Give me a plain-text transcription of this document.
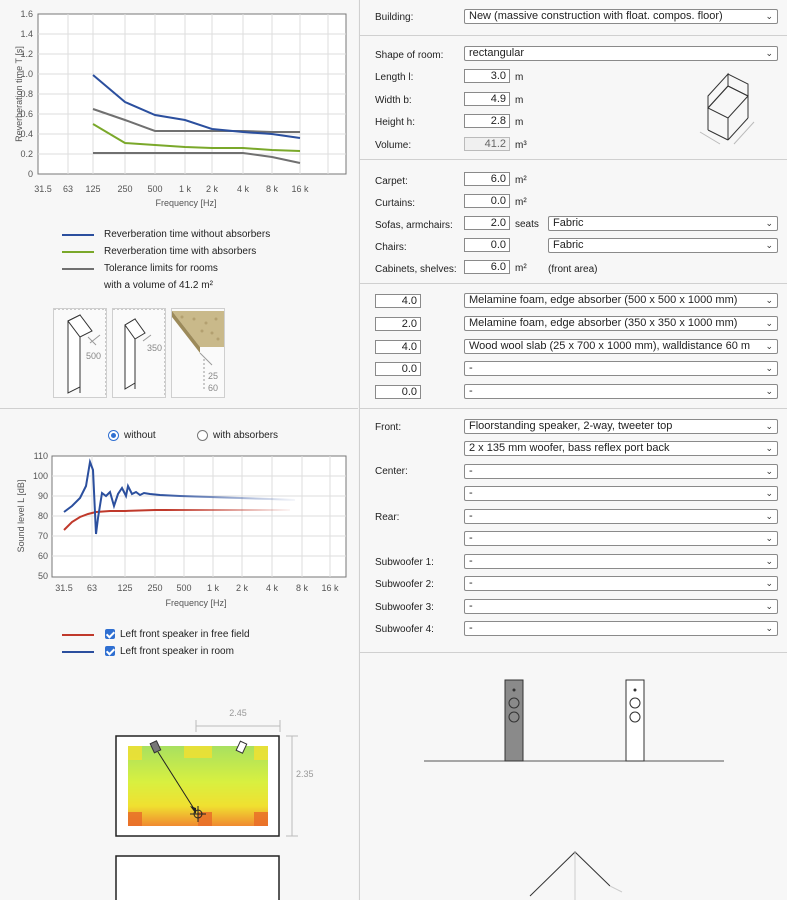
1.6
1.4
1.2
1.0
0.8
0.6
0.4
0.2
0
31.5 63 125 250 500 1 k 2 k 4 k 8 k 16 k
Frequency [Hz]
Reverberation time T [s]
Reverberation time without absorbers
Reverberation time with absorbers
Tolerance limits for rooms
with a volume of 41.2 m²
500
350
25
60
without	with absorbers
110
100
90
80
70
60
50
31.5 63 125 250 500 1 k 2 k 4 k 8 k 16 k
Frequency [Hz]
Sound level L [dB]
Left front speaker in free field
Left front speaker in room
2.45
2.35
Building:	New (massive construction with float. compos. floor)	⌄
Shape of room:	rectangular	⌄
Length l:	3.0 m
Width b:	4.9 m
Height h:	2.8 m
Volume:	41.2 m³
Carpet:	6.0 m²
Curtains:	0.0 m²
Sofas, armchairs:	2.0 seats	Fabric	⌄
Chairs:	0.0	Fabric	⌄
Cabinets, shelves:	6.0 m² (front area)
4.0	Melamine foam, edge absorber (500 x 500 x 1000 mm)	⌄
2.0	Melamine foam, edge absorber (350 x 350 x 1000 mm)	⌄
4.0	Wood wool slab (25 x 700 x 1000 mm), walldistance 60 m ⌄
0.0	-	⌄
0.0	-	⌄
Front:	Floorstanding speaker, 2-way, tweeter top	⌄
2 x 135 mm woofer, bass reflex port back	⌄
Center:	-	⌄
-	⌄
Rear:	-	⌄
-	⌄
Subwoofer 1:	-	⌄
Subwoofer 2:	-	⌄
Subwoofer 3:	-	⌄
Subwoofer 4:	-	⌄
